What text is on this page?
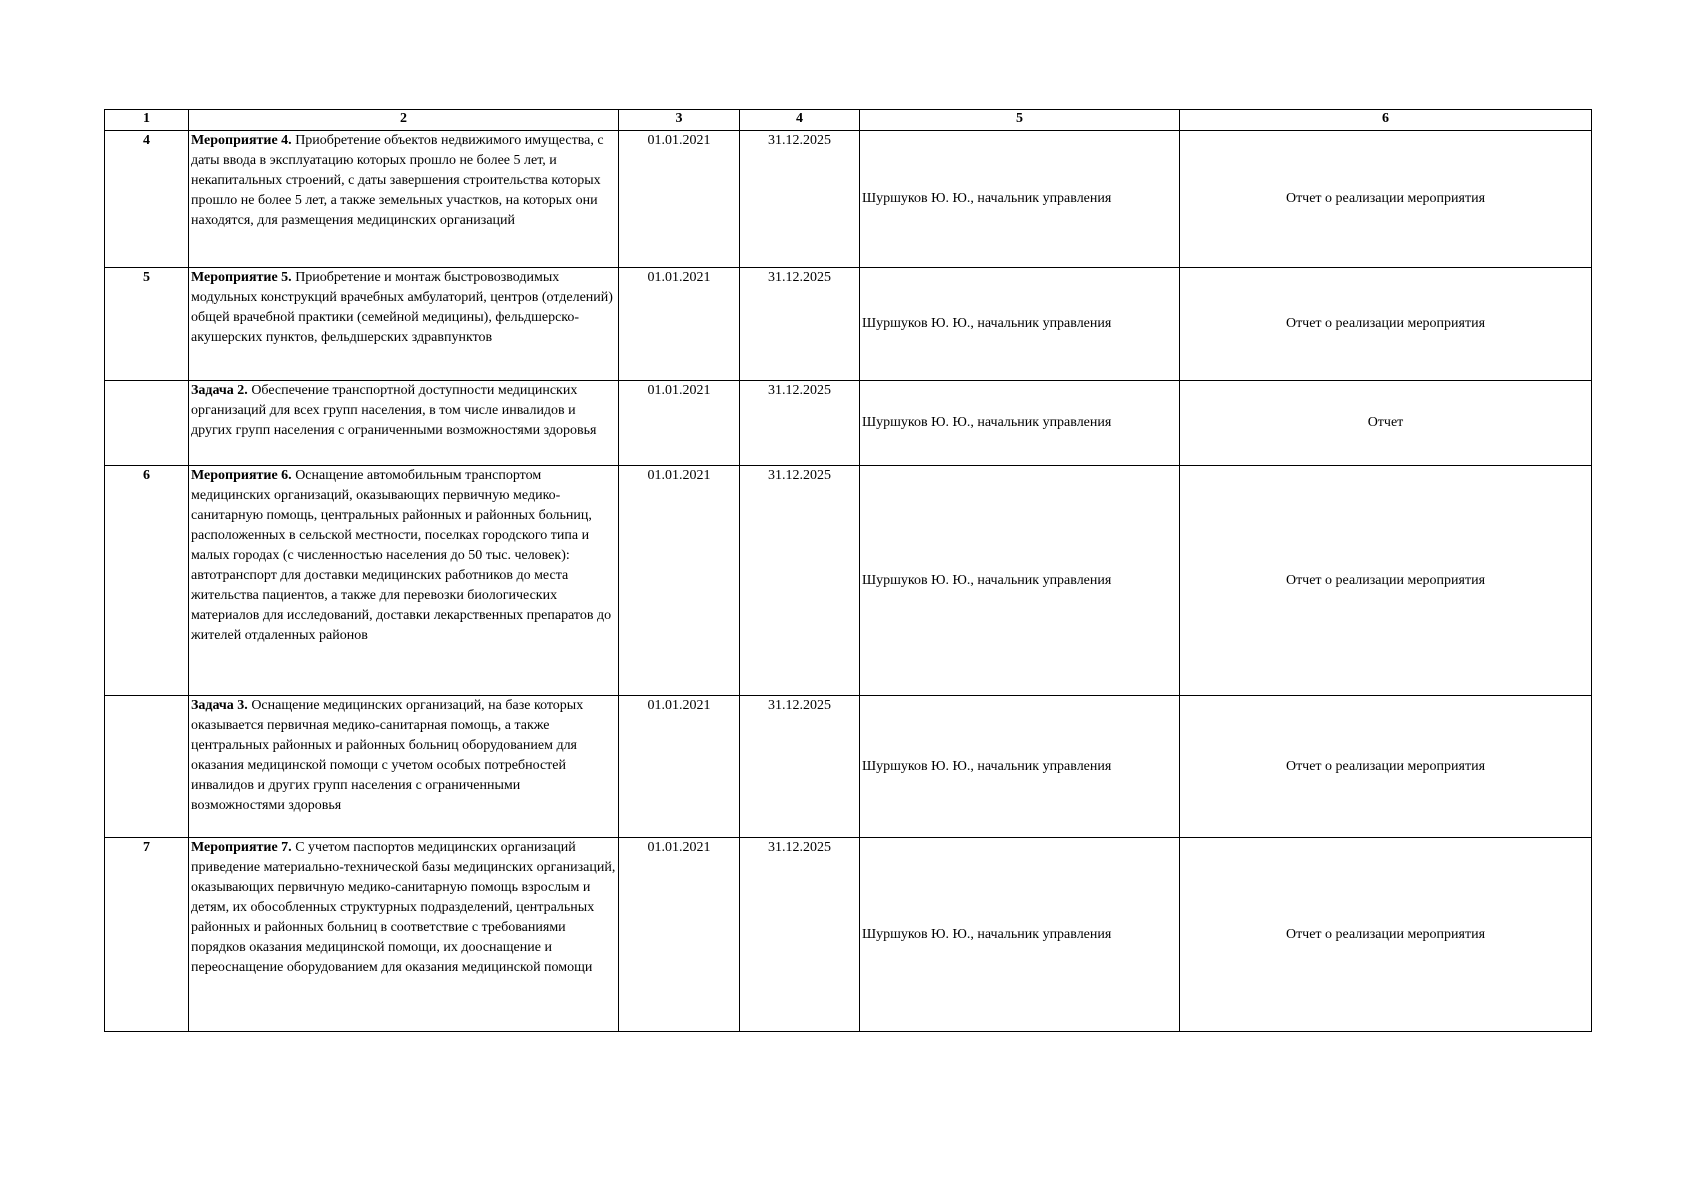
1	2	3	4	5	6
4	Мероприятие 4. Приобретение объектов недвижимого имущества, с даты ввода в эксплуатацию которых прошло не более 5 лет, и некапитальных строений, с даты завершения строительства которых прошло не более 5 лет, а также земельных участков, на которых они находятся, для размещения медицинских организаций	01.01.2021	31.12.2025	Шуршуков Ю. Ю., начальник управления	Отчет о реализации мероприятия
5	Мероприятие 5. Приобретение и монтаж быстровозводимых модульных конструкций врачебных амбулаторий, центров (отделений) общей врачебной практики (семейной медицины), фельдшерско-акушерских пунктов, фельдшерских здравпунктов	01.01.2021	31.12.2025	Шуршуков Ю. Ю., начальник управления	Отчет о реализации мероприятия
	Задача 2. Обеспечение транспортной доступности медицинских организаций для всех групп населения, в том числе инвалидов и других групп населения с ограниченными возможностями здоровья	01.01.2021	31.12.2025	Шуршуков Ю. Ю., начальник управления	Отчет
6	Мероприятие 6. Оснащение автомобильным транспортом медицинских организаций, оказывающих первичную медико-санитарную помощь, центральных районных и районных больниц, расположенных в сельской местности, поселках городского типа и малых городах (с численностью населения до 50 тыс. человек): автотранспорт для доставки медицинских работников до места жительства пациентов, а также для перевозки биологических материалов для исследований, доставки лекарственных препаратов до жителей отдаленных районов	01.01.2021	31.12.2025	Шуршуков Ю. Ю., начальник управления	Отчет о реализации мероприятия
	Задача 3. Оснащение медицинских организаций, на базе которых оказывается первичная медико-санитарная помощь, а также центральных районных и районных больниц оборудованием для оказания медицинской помощи с учетом особых потребностей инвалидов и других групп населения с ограниченными возможностями здоровья	01.01.2021	31.12.2025	Шуршуков Ю. Ю., начальник управления	Отчет о реализации мероприятия
7	Мероприятие 7. С учетом паспортов медицинских организаций приведение материально-технической базы медицинских организаций, оказывающих первичную медико-санитарную помощь взрослым и детям, их обособленных структурных подразделений, центральных районных и районных больниц в соответствие с требованиями порядков оказания медицинской помощи, их дооснащение и переоснащение оборудованием для оказания медицинской помощи	01.01.2021	31.12.2025	Шуршуков Ю. Ю., начальник управления	Отчет о реализации мероприятия
